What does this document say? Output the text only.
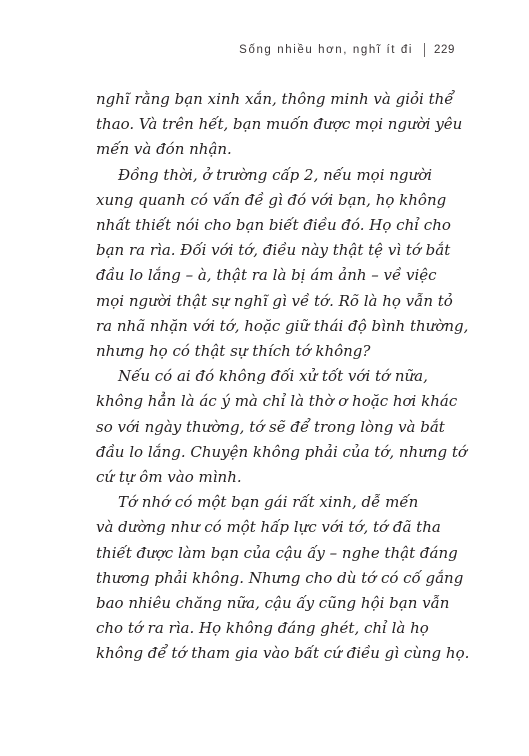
Sống nhiều hơn, nghĩ ít đi 229

nghĩ rằng bạn xinh xắn, thông minh và giỏi thể
thao. Và trên hết, bạn muốn được mọi người yêu
mến và đón nhận.

Đồng thời, ở trường cấp 2, nếu mọi người
xung quanh có vấn đề gì đó với bạn, họ không
nhất thiết nói cho bạn biết điều đó. Họ chỉ cho
bạn ra rìa. Đối với tớ, điều này thật tệ vì tớ bắt
đầu lo lắng – à, thật ra là bị ám ảnh – về việc
mọi người thật sự nghĩ gì về tớ. Rõ là họ vẫn tỏ
ra nhã nhặn với tớ, hoặc giữ thái độ bình thường,
nhưng họ có thật sự thích tớ không?

Nếu có ai đó không đối xử tốt với tớ nữa,
không hẳn là ác ý mà chỉ là thờ ơ hoặc hơi khác
so với ngày thường, tớ sẽ để trong lòng và bắt
đầu lo lắng. Chuyện không phải của tớ, nhưng tớ
cứ tự ôm vào mình.

Tớ nhớ có một bạn gái rất xinh, dễ mến
và dường như có một hấp lực với tớ, tớ đã tha
thiết được làm bạn của cậu ấy – nghe thật đáng
thương phải không. Nhưng cho dù tớ có cố gắng
bao nhiêu chăng nữa, cậu ấy cũng hội bạn vẫn
cho tớ ra rìa. Họ không đáng ghét, chỉ là họ
không để tớ tham gia vào bất cứ điều gì cùng họ.
